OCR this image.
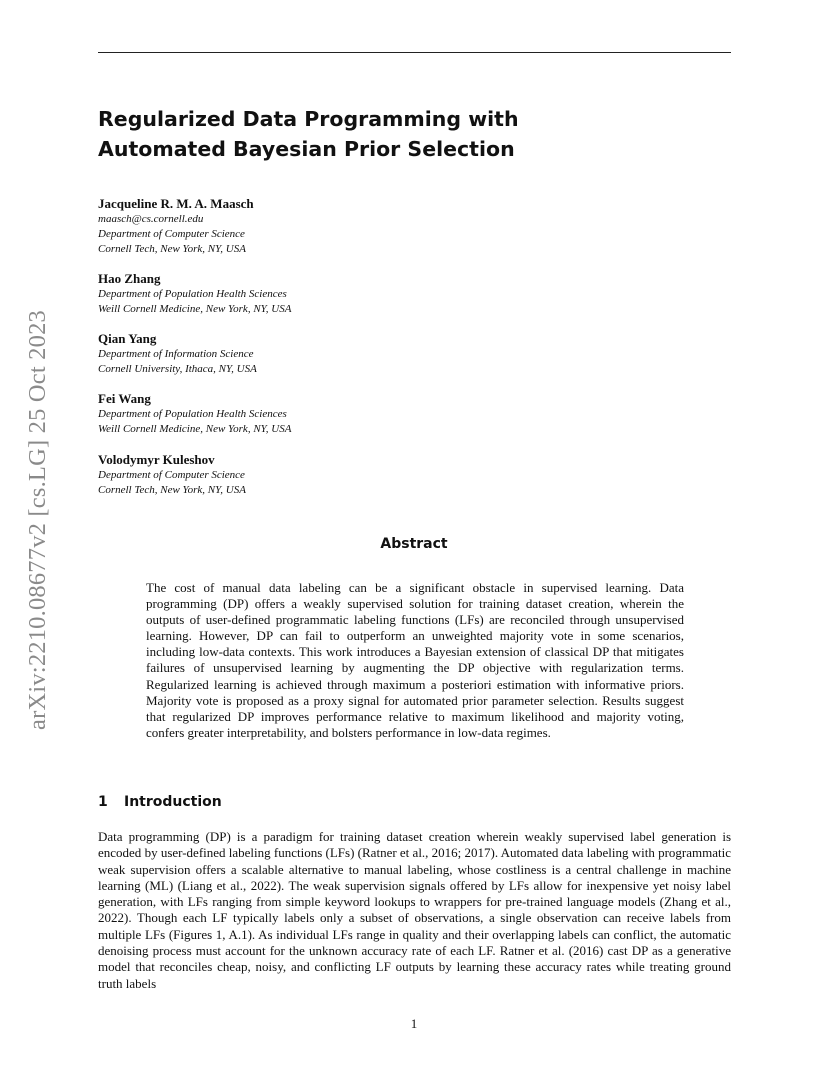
arXiv:2210.08677v2 [cs.LG] 25 Oct 2023
Regularized Data Programming with
Automated Bayesian Prior Selection
Jacqueline R. M. A. Maasch
maasch@cs.cornell.edu
Department of Computer Science
Cornell Tech, New York, NY, USA
Hao Zhang
Department of Population Health Sciences
Weill Cornell Medicine, New York, NY, USA
Qian Yang
Department of Information Science
Cornell University, Ithaca, NY, USA
Fei Wang
Department of Population Health Sciences
Weill Cornell Medicine, New York, NY, USA
Volodymyr Kuleshov
Department of Computer Science
Cornell Tech, New York, NY, USA
Abstract

The cost of manual data labeling can be a significant obstacle in supervised learning. Data programming (DP) offers a weakly supervised solution for training dataset creation, wherein the outputs of user-defined programmatic labeling functions (LFs) are reconciled through unsupervised learning. However, DP can fail to outperform an unweighted majority vote in some scenarios, including low-data contexts. This work introduces a Bayesian extension of classical DP that mitigates failures of unsupervised learning by augmenting the DP objective with regularization terms. Regularized learning is achieved through maximum a posteriori estimation with informative priors. Majority vote is proposed as a proxy signal for automated prior parameter selection. Results suggest that regularized DP improves performance relative to maximum likelihood and majority voting, confers greater interpretability, and bolsters performance in low-data regimes.

1 Introduction

Data programming (DP) is a paradigm for training dataset creation wherein weakly supervised label generation is encoded by user-defined labeling functions (LFs) (Ratner et al., 2016; 2017). Automated data labeling with programmatic weak supervision offers a scalable alternative to manual labeling, whose costliness is a central challenge in machine learning (ML) (Liang et al., 2022). The weak supervision signals offered by LFs allow for inexpensive yet noisy label generation, with LFs ranging from simple keyword lookups to wrappers for pre-trained language models (Zhang et al., 2022). Though each LF typically labels only a subset of observations, a single observation can receive labels from multiple LFs (Figures 1, A.1). As individual LFs range in quality and their overlapping labels can conflict, the automatic denoising process must account for the unknown accuracy rate of each LF. Ratner et al. (2016) cast DP as a generative model that reconciles cheap, noisy, and conflicting LF outputs by learning these accuracy rates while treating ground truth labels

1
